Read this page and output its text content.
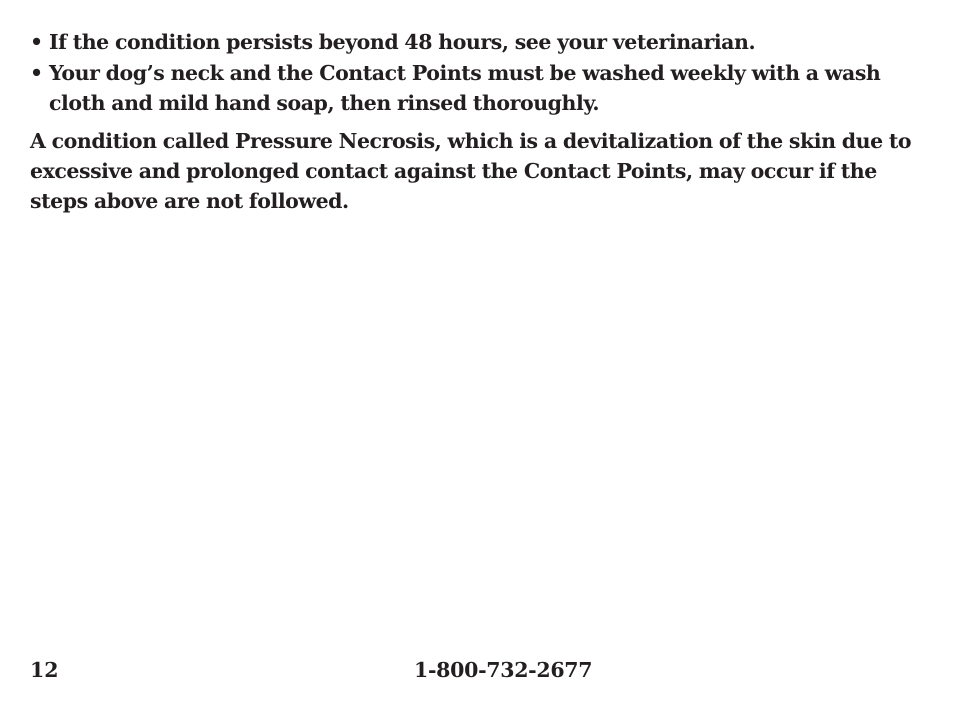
• If the condition persists beyond 48 hours, see your veterinarian.
• Your dog’s neck and the Contact Points must be washed weekly with a wash cloth and mild hand soap, then rinsed thoroughly.

A condition called Pressure Necrosis, which is a devitalization of the skin due to excessive and prolonged contact against the Contact Points, may occur if the steps above are not followed.

12	1-800-732-2677
